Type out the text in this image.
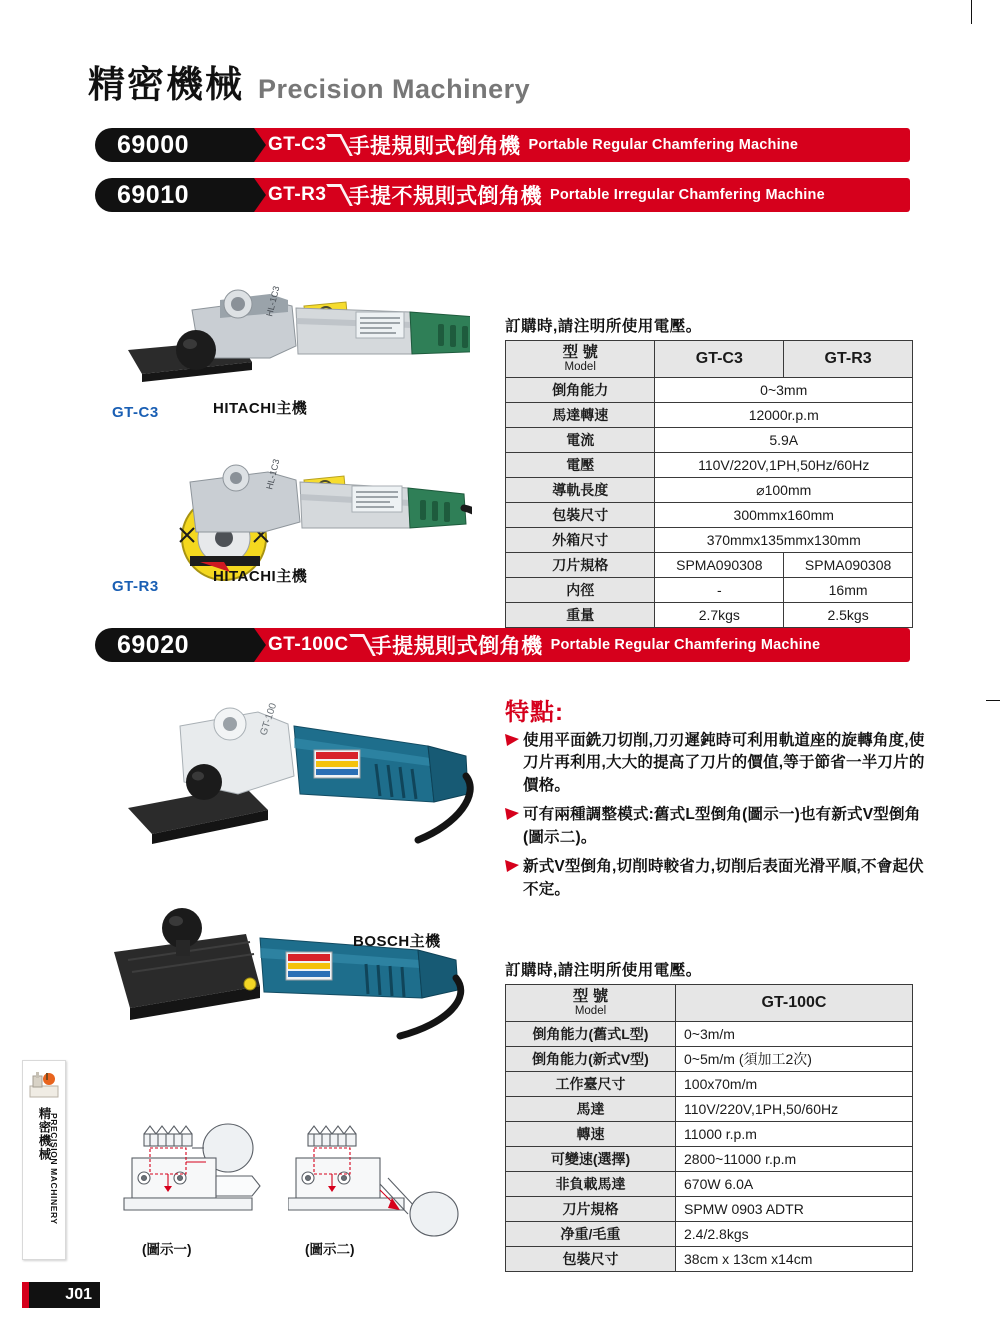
精密機械 Precision Machinery
69000	GT-C3 手提規則式倒角機 Portable Regular Chamfering Machine
69010	GT-R3 手提不規則式倒角機 Portable Irregular Chamfering Machine
HL-1C3
HITACHI主機
GT-C3
HL-1C3
HITACHI主機
GT-R3
訂購時,請注明所使用電壓。
型 號
Model	GT-C3	GT-R3
倒角能力	0~3mm	
馬達轉速	12000r.p.m	
電流	5.9A	
電壓	110V/220V,1PH,50Hz/60Hz	
導軌長度	⌀100mm	
包裝尺寸	300mmx160mm	
外箱尺寸	370mmx135mmx130mm	
刀片規格	SPMA090308	SPMA090308
内徑	-	16mm
重量	2.7kgs	2.5kgs
69020	GT-100C 手提規則式倒角機 Portable Regular Chamfering Machine
GT-100	特點:
使用平面銑刀切削,刀刃遲鈍時可利用軌道座的旋轉角度,使刀片再利用,大大的提高了刀片的價值,等于節省一半刀片的價格。
可有兩種調整模式:舊式L型倒角(圖示一)也有新式V型倒角(圖示二)。
新式V型倒角,切削時較省力,切削后表面光滑平順,不會起伏不定。
BOSCH主機
訂購時,請注明所使用電壓。
型 號
Model	GT-100C
倒角能力(舊式L型)	0~3m/m
倒角能力(新式V型)	0~5m/m (須加工2次)
工作臺尺寸	100x70m/m
馬達	110V/220V,1PH,50/60Hz
轉速	11000 r.p.m
可變速(選擇)	2800~11000 r.p.m
非負載馬達	670W 6.0A
刀片規格	SPMW 0903 ADTR
净重/毛重	2.4/2.8kgs
包裝尺寸	38cm x 13cm x14cm
(圖示一)	(圖示二)
精密機械
PRECISION MACHINERY
J01
